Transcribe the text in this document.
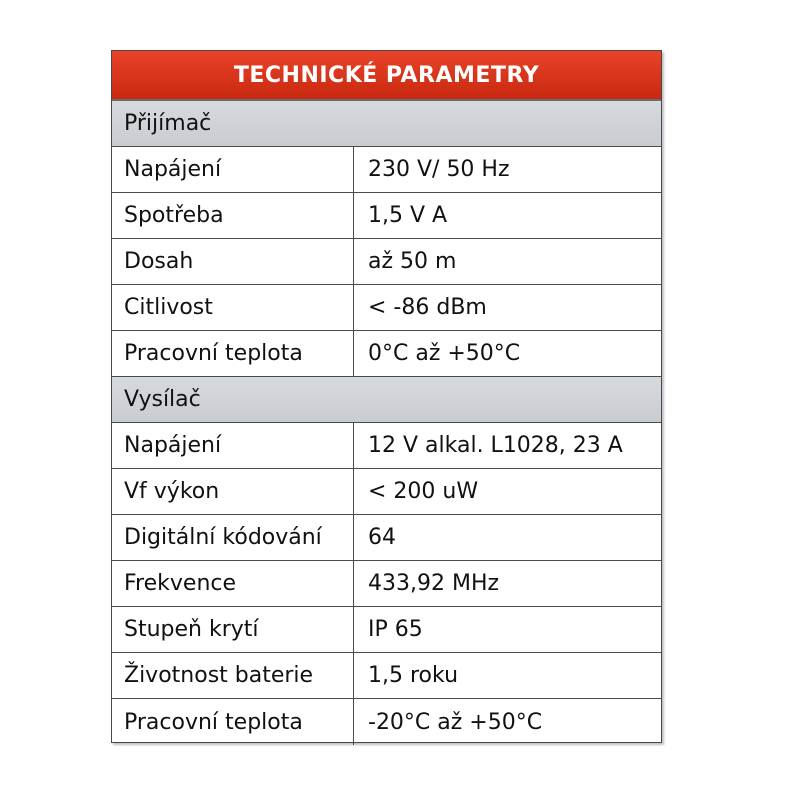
TECHNICKÉ PARAMETRY
Přijímač
Napájení	230 V/ 50 Hz
Spotřeba	1,5 V A
Dosah	až 50 m
Citlivost	< -86 dBm
Pracovní teplota	0°C až +50°C
Vysílač
Napájení	12 V alkal. L1028, 23 A
Vf výkon	< 200 uW
Digitální kódování	64
Frekvence	433,92 MHz
Stupeň krytí	IP 65
Životnost baterie	1,5 roku
Pracovní teplota	-20°C až +50°C
